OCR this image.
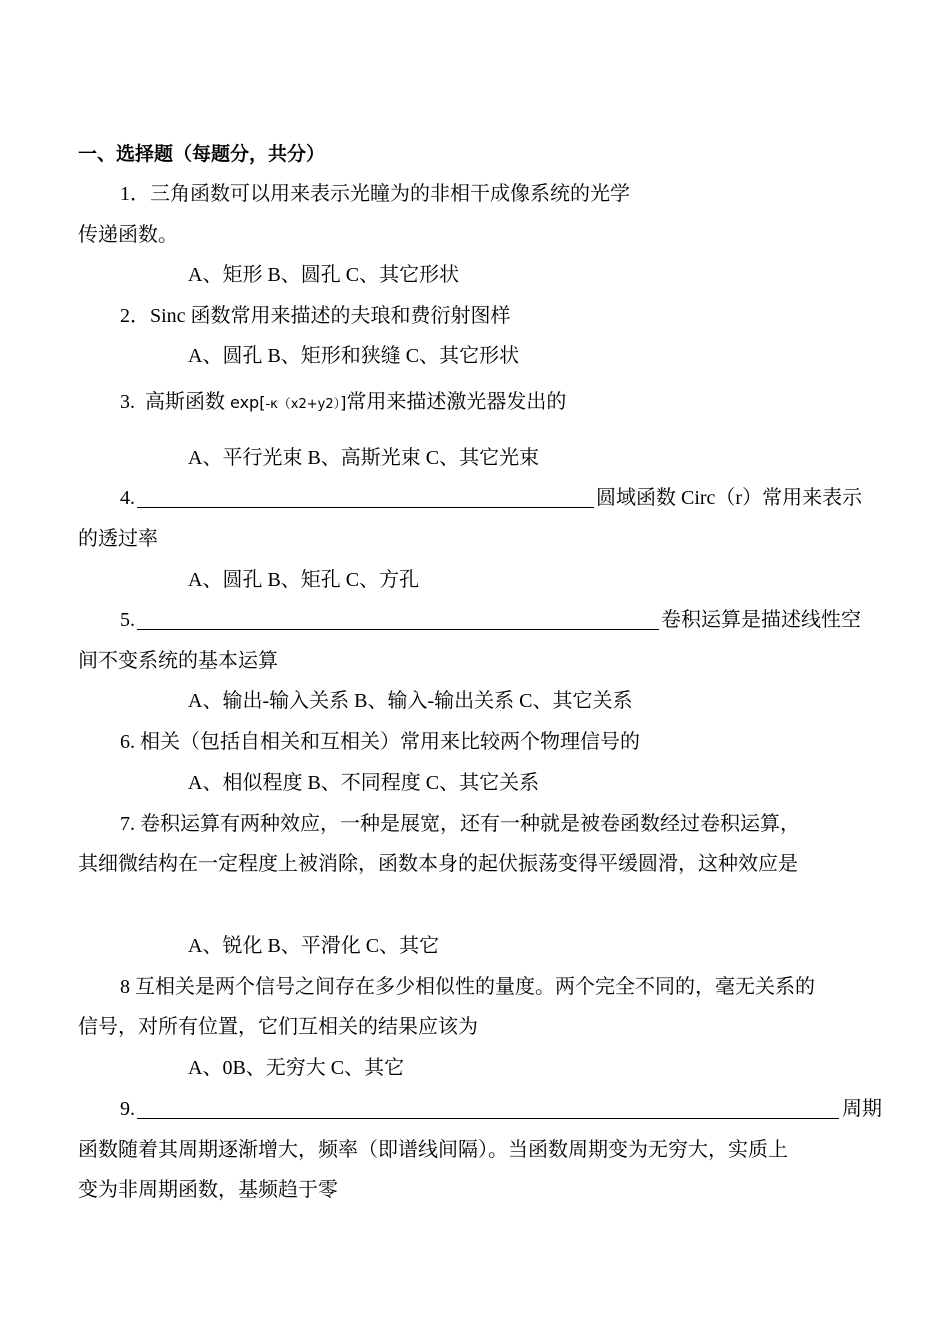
一、选择题（每题分，共分）
1．三角函数可以用来表示光瞳为的非相干成像系统的光学
传递函数。
A、矩形 B、圆孔 C、其它形状
2．Sinc 函数常用来描述的夫琅和费衍射图样
A、圆孔 B、矩形和狭缝 C、其它形状
3. 高斯函数 exp[-κ（x2+y2）]常用来描述激光器发出的
A、平行光束 B、高斯光束 C、其它光束
4.	圆域函数 Circ（r）常用来表示
的透过率
A、圆孔 B、矩孔 C、方孔
5.	卷积运算是描述线性空
间不变系统的基本运算
A、输出-输入关系 B、输入-输出关系 C、其它关系
6. 相关（包括自相关和互相关）常用来比较两个物理信号的
A、相似程度 B、不同程度 C、其它关系
7. 卷积运算有两种效应，一种是展宽，还有一种就是被卷函数经过卷积运算，
其细微结构在一定程度上被消除，函数本身的起伏振荡变得平缓圆滑，这种效应是
A、锐化 B、平滑化 C、其它
8 互相关是两个信号之间存在多少相似性的量度。两个完全不同的，毫无关系的
信号，对所有位置，它们互相关的结果应该为
A、0B、无穷大 C、其它
9.	周期
函数随着其周期逐渐增大，频率（即谱线间隔）。当函数周期变为无穷大，实质上
变为非周期函数，基频趋于零
